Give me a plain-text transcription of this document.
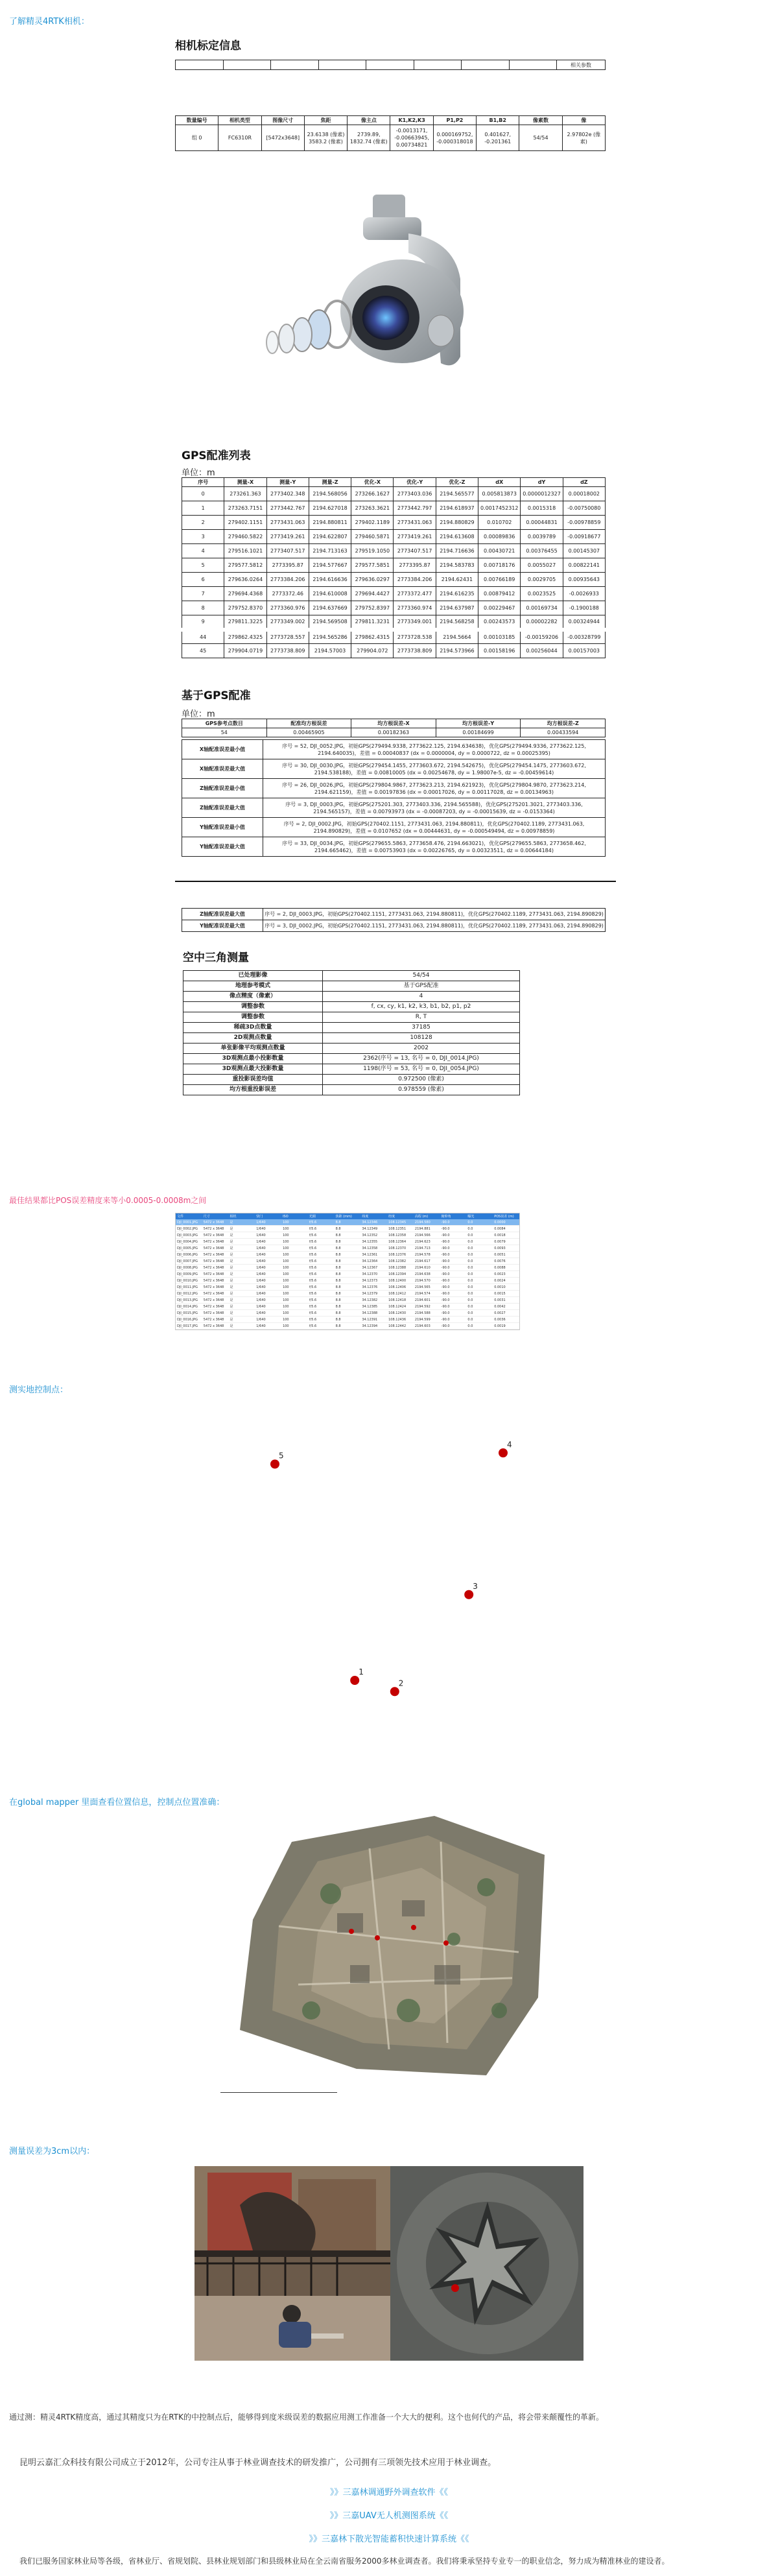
了解精灵4RTK相机：
相机标定信息
								相关参数
数量编号	相机类型	图像尺寸	焦距	像主点	K1,K2,K3	P1,P2	B1,B2	像素数	像
组 0	FC6310R	[5472x3648]	23.6138 (像素) 3583.2 (像素)	2739.89, 1832.74 (像素)	-0.0013171, -0.00663945, 0.00734821	0.000169752, -0.000318018	0.401627, -0.201361	54/54	2.97802e (像素)
GPS配准列表
单位：m
序号	测量-X	测量-Y	测量-Z	优化-X	优化-Y	优化-Z	dX	dY	dZ
0	273261.363	2773402.348	2194.568056	273266.1627	2773403.036	2194.565577	0.005813873	0.0000012327	0.00018002
1	273263.7151	2773442.767	2194.627018	273263.3621	2773442.797	2194.618937	0.0017452312	0.0015318	-0.00750080
2	279402.1151	2773431.063	2194.880811	279402.1189	2773431.063	2194.880829	0.010702	0.00044831	-0.00978859
3	279460.5822	2773419.261	2194.622807	279460.5871	2773419.261	2194.613608	0.00089836	0.0039789	-0.00918677
4	279516.1021	2773407.517	2194.713163	279519.1050	2773407.517	2194.716636	0.00430721	0.00376455	0.00145307
5	279577.5812	2773395.87	2194.577667	279577.5851	2773395.87	2194.583783	0.00718176	0.0055027	0.00822141
6	279636.0264	2773384.206	2194.616636	279636.0297	2773384.206	2194.62431	0.00766189	0.0029705	0.00935643
7	279694.4368	2773372.46	2194.610008	279694.4427	2773372.477	2194.616235	0.00879412	0.0023525	-0.0026933
8	279752.8370	2773360.976	2194.637669	279752.8397	2773360.974	2194.637987	0.00229467	0.00169734	-0.1900188
9	279811.3225	2773349.002	2194.569508	279811.3231	2773349.001	2194.568258	0.00243573	0.00002282	0.00324944
44	279862.4325	2773728.557	2194.565286	279862.4315	2773728.538	2194.5664	0.00103185	-0.00159206	-0.00328799
45	279904.0719	2773738.809	2194.57003	279904.072	2773738.809	2194.573966	0.00158196	0.00256044	0.00157003
基于GPS配准
单位：m
GPS参考点数目	配准均方根误差	均方根误差-X	均方根误差-Y	均方根误差-Z
54	0.00465905	0.00182363	0.00184699	0.00433594
X轴配准误差最小值	序号 = 52, DJI_0052.JPG，初始GPS(279494.9338, 2773622.125, 2194.634638)，优化GPS(279494.9336, 2773622.125, 2194.640035)，差值 = 0.00040837 (dx = 0.0000004, dy = 0.0000722, dz = 0.00025395)
X轴配准误差最大值	序号 = 30, DJI_0030.JPG，初始GPS(279454.1455, 2773603.672, 2194.542675)，优化GPS(279454.1475, 2773603.672, 2194.538188)，差值 = 0.00810005 (dx = 0.00254678, dy = 1.98007e-5, dz = -0.00459614)
Z轴配准误差最小值	序号 = 26, DJI_0026.JPG，初始GPS(279804.9867, 2773623.213, 2194.621923)，优化GPS(279804.9870, 2773623.214, 2194.621159)，差值 = 0.00197836 (dx = 0.00017026, dy = 0.00117028, dz = 0.00134963)
Z轴配准误差最大值	序号 = 3, DJI_0003.JPG，初始GPS(275201.303, 2773403.336, 2194.565588)，优化GPS(275201.3021, 2773403.336, 2194.565157)，差值 = 0.00793973 (dx = -0.00087203, dy = -0.00015639, dz = -0.0153364)
Y轴配准误差最小值	序号 = 2, DJI_0002.JPG，初始GPS(270402.1151, 2773431.063, 2194.880811)，优化GPS(270402.1189, 2773431.063, 2194.890829)，差值 = 0.0107652 (dx = 0.00444631, dy = -0.000549494, dz = 0.00978859)
Y轴配准误差最大值	序号 = 33, DJI_0034.JPG，初始GPS(279655.5863, 2773658.476, 2194.663021)，优化GPS(279655.5863, 2773658.462, 2194.665462)，差值 = 0.00753903 (dx = 0.00226765, dy = 0.00323511, dz = 0.00644184)
Z轴配准误差最大值	序号 = 2, DJI_0003.JPG，初始GPS(270402.1151, 2773431.063, 2194.880811)，优化GPS(270402.1189, 2773431.063, 2194.890829)
Y轴配准误差最大值	序号 = 3, DJI_0002.JPG，初始GPS(270402.1151, 2773431.063, 2194.880811)，优化GPS(270402.1189, 2773431.063, 2194.890829)
空中三角测量
已处理影像	54/54
地理参考模式	基于GPS配准
像点精度（像素）	4
调整参数	f, cx, cy, k1, k2, k3, b1, b2, p1, p2
调整参数	R, T
稀疏3D点数量	37185
2D观测点数量	108128
单张影像平均观测点数量	2002
3D观测点最小投影数量	2362(序号 = 13, 名号 = 0, DJI_0014.JPG)
3D观测点最大投影数量	1198(序号 = 53, 名号 = 0, DJI_0054.JPG)
重投影误差均值	0.972500 (像素)
均方根重投影误差	0.978559 (像素)
最佳结果都比POS误差精度来等小0.0005-0.0008m之间
文件	尺寸	相机	快门	ISO	光圈	焦距 (mm)	纬度	经度	高程 (m)	俯仰角	曝光	POS误差 (m)
DJI_0001.JPG	5472 x 3648	是	1/640	100	f/5.6	8.8	34.12346	108.12345	2194.580	-90.0	0.0	0.0000
DJI_0002.JPG	5472 x 3648	是	1/640	100	f/5.6	8.8	34.12349	108.12351	2194.881	-90.0	0.0	0.0084
DJI_0003.JPG	5472 x 3648	是	1/640	100	f/5.6	8.8	34.12352	108.12358	2194.566	-90.0	0.0	0.0018
DJI_0004.JPG	5472 x 3648	是	1/640	100	f/5.6	8.8	34.12355	108.12364	2194.623	-90.0	0.0	0.0079
DJI_0005.JPG	5472 x 3648	是	1/640	100	f/5.6	8.8	34.12358	108.12370	2194.713	-90.0	0.0	0.0093
DJI_0006.JPG	5472 x 3648	是	1/640	100	f/5.6	8.8	34.12361	108.12376	2194.578	-90.0	0.0	0.0051
DJI_0007.JPG	5472 x 3648	是	1/640	100	f/5.6	8.8	34.12364	108.12382	2194.617	-90.0	0.0	0.0076
DJI_0008.JPG	5472 x 3648	是	1/640	100	f/5.6	8.8	34.12367	108.12388	2194.610	-90.0	0.0	0.0088
DJI_0009.JPG	5472 x 3648	是	1/640	100	f/5.6	8.8	34.12370	108.12394	2194.638	-90.0	0.0	0.0023
DJI_0010.JPG	5472 x 3648	是	1/640	100	f/5.6	8.8	34.12373	108.12400	2194.570	-90.0	0.0	0.0024
DJI_0011.JPG	5472 x 3648	是	1/640	100	f/5.6	8.8	34.12376	108.12406	2194.565	-90.0	0.0	0.0010
DJI_0012.JPG	5472 x 3648	是	1/640	100	f/5.6	8.8	34.12379	108.12412	2194.574	-90.0	0.0	0.0015
DJI_0013.JPG	5472 x 3648	是	1/640	100	f/5.6	8.8	34.12382	108.12418	2194.601	-90.0	0.0	0.0031
DJI_0014.JPG	5472 x 3648	是	1/640	100	f/5.6	8.8	34.12385	108.12424	2194.592	-90.0	0.0	0.0042
DJI_0015.JPG	5472 x 3648	是	1/640	100	f/5.6	8.8	34.12388	108.12430	2194.588	-90.0	0.0	0.0027
DJI_0016.JPG	5472 x 3648	是	1/640	100	f/5.6	8.8	34.12391	108.12436	2194.599	-90.0	0.0	0.0036
DJI_0017.JPG	5472 x 3648	是	1/640	100	f/5.6	8.8	34.12394	108.12442	2194.603	-90.0	0.0	0.0019
测实地控制点：
5
4
3
1
2
在global mapper 里面查看位置信息，控制点位置准确：
测量误差为3cm以内：
通过测：精灵4RTK精度高，通过其精度只为在RTK的中控制点后，能够得到度米级误差的数据应用测工作准备一个大大的便利。这个也何代的产品，将会带来颠覆性的革新。
昆明云嘉汇众科技有限公司成立于2012年，公司专注从事于林业调查技术的研发推广，公司拥有三项领先技术应用于林业调查。
》》三嘉林调通野外调查软件《《
》》三嘉UAV无人机测图系统《《
》》三嘉林下散光智能蓄积快速计算系统《《
我们已服务国家林业局等各级，省林业厅、省规划院、县林业规划部门和县级林业局在全云南省服务2000多林业调查者。我们将秉承坚持专业专一的职业信念，努力成为精准林业的建设者。
